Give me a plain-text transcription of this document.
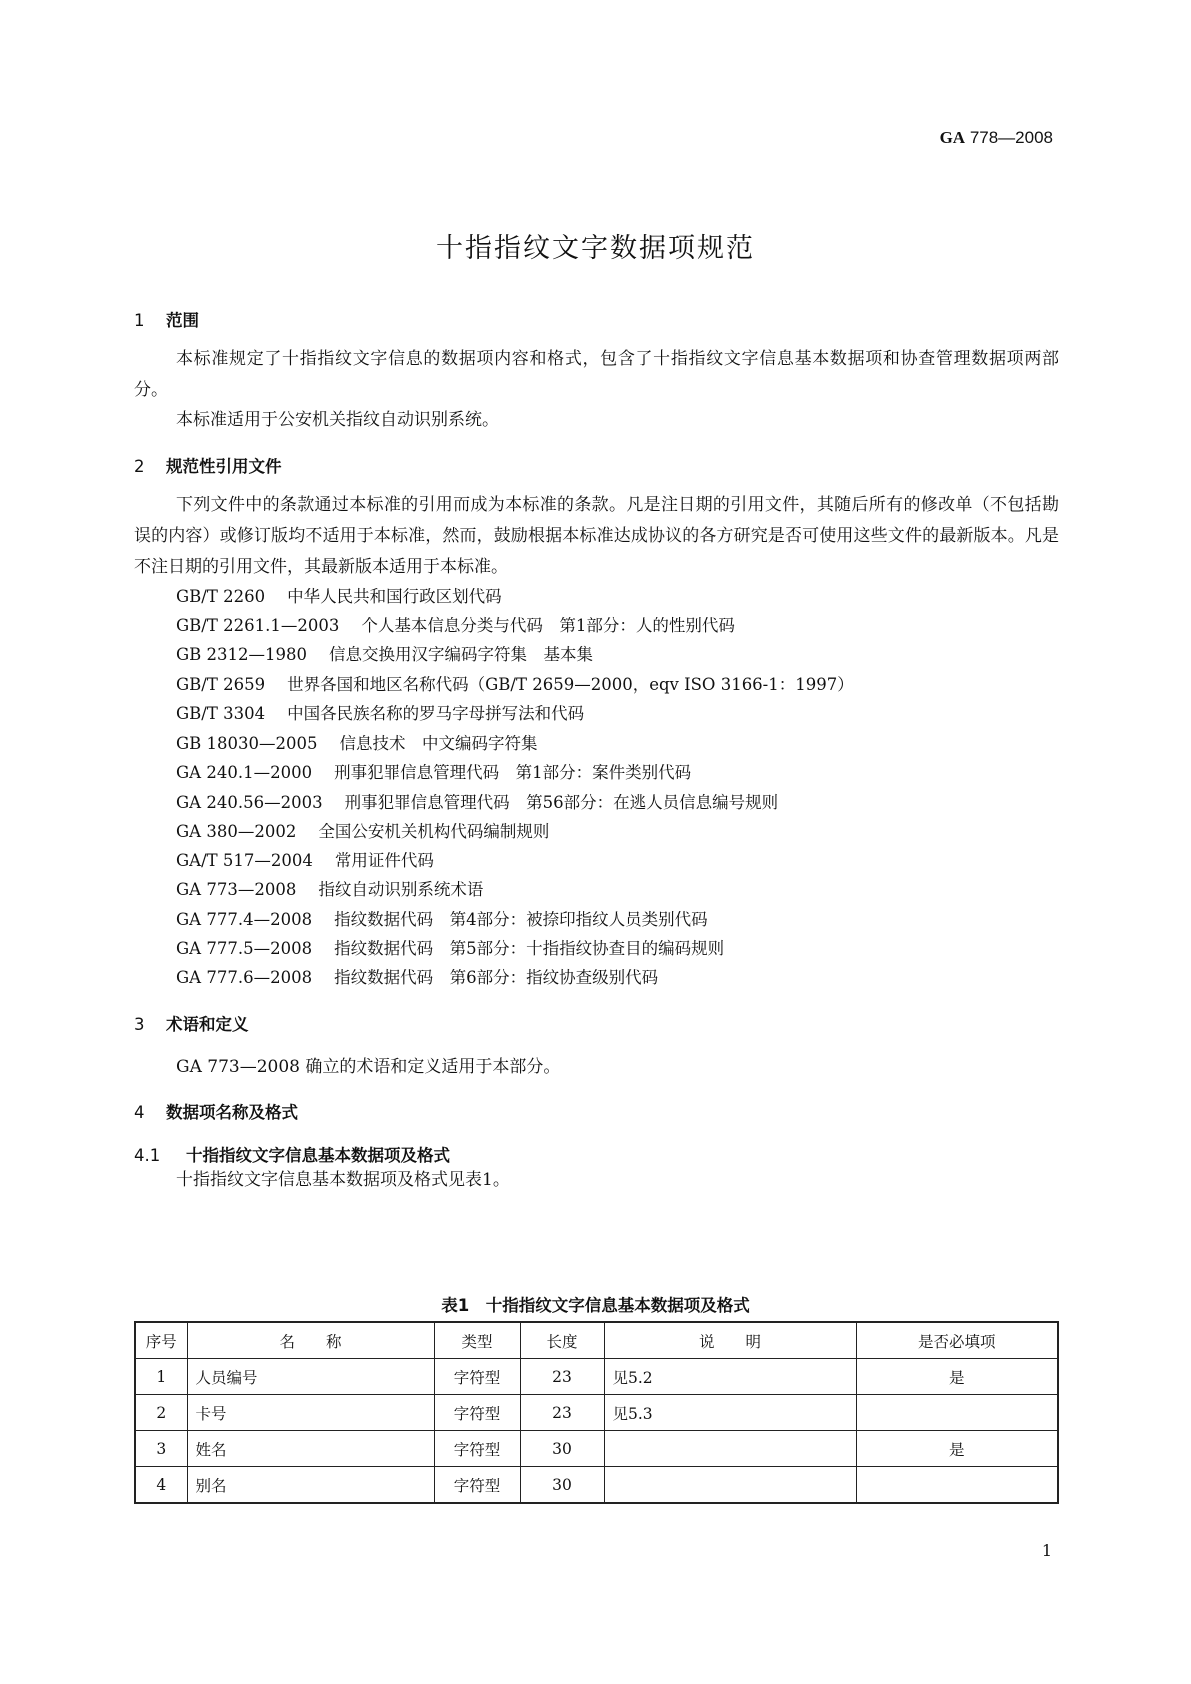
GA 778—2008
十指指纹文字数据项规范
1 范围
本标准规定了十指指纹文字信息的数据项内容和格式，包含了十指指纹文字信息基本数据项和协查管理数据项两部分。
本标准适用于公安机关指纹自动识别系统。
2 规范性引用文件
下列文件中的条款通过本标准的引用而成为本标准的条款。凡是注日期的引用文件，其随后所有的修改单（不包括勘误的内容）或修订版均不适用于本标准，然而，鼓励根据本标准达成协议的各方研究是否可使用这些文件的最新版本。凡是不注日期的引用文件，其最新版本适用于本标准。
GB/T 2260 中华人民共和国行政区划代码
GB/T 2261.1—2003 个人基本信息分类与代码　第1部分：人的性别代码
GB 2312—1980 信息交换用汉字编码字符集　基本集
GB/T 2659 世界各国和地区名称代码（GB/T 2659—2000，eqv ISO 3166-1：1997）
GB/T 3304 中国各民族名称的罗马字母拼写法和代码
GB 18030—2005 信息技术　中文编码字符集
GA 240.1—2000 刑事犯罪信息管理代码　第1部分：案件类别代码
GA 240.56—2003 刑事犯罪信息管理代码　第56部分：在逃人员信息编号规则
GA 380—2002 全国公安机关机构代码编制规则
GA/T 517—2004 常用证件代码
GA 773—2008 指纹自动识别系统术语
GA 777.4—2008 指纹数据代码　第4部分：被捺印指纹人员类别代码
GA 777.5—2008 指纹数据代码　第5部分：十指指纹协查目的编码规则
GA 777.6—2008 指纹数据代码　第6部分：指纹协查级别代码
3 术语和定义
GA 773—2008 确立的术语和定义适用于本部分。
4 数据项名称及格式
4.1 十指指纹文字信息基本数据项及格式
十指指纹文字信息基本数据项及格式见表1。
表1　十指指纹文字信息基本数据项及格式
序号	名　　称	类型	长度	说　　明	是否必填项
1	人员编号	字符型	23	见5.2	是
2	卡号	字符型	23	见5.3	
3	姓名	字符型	30		是
4	别名	字符型	30		
1
